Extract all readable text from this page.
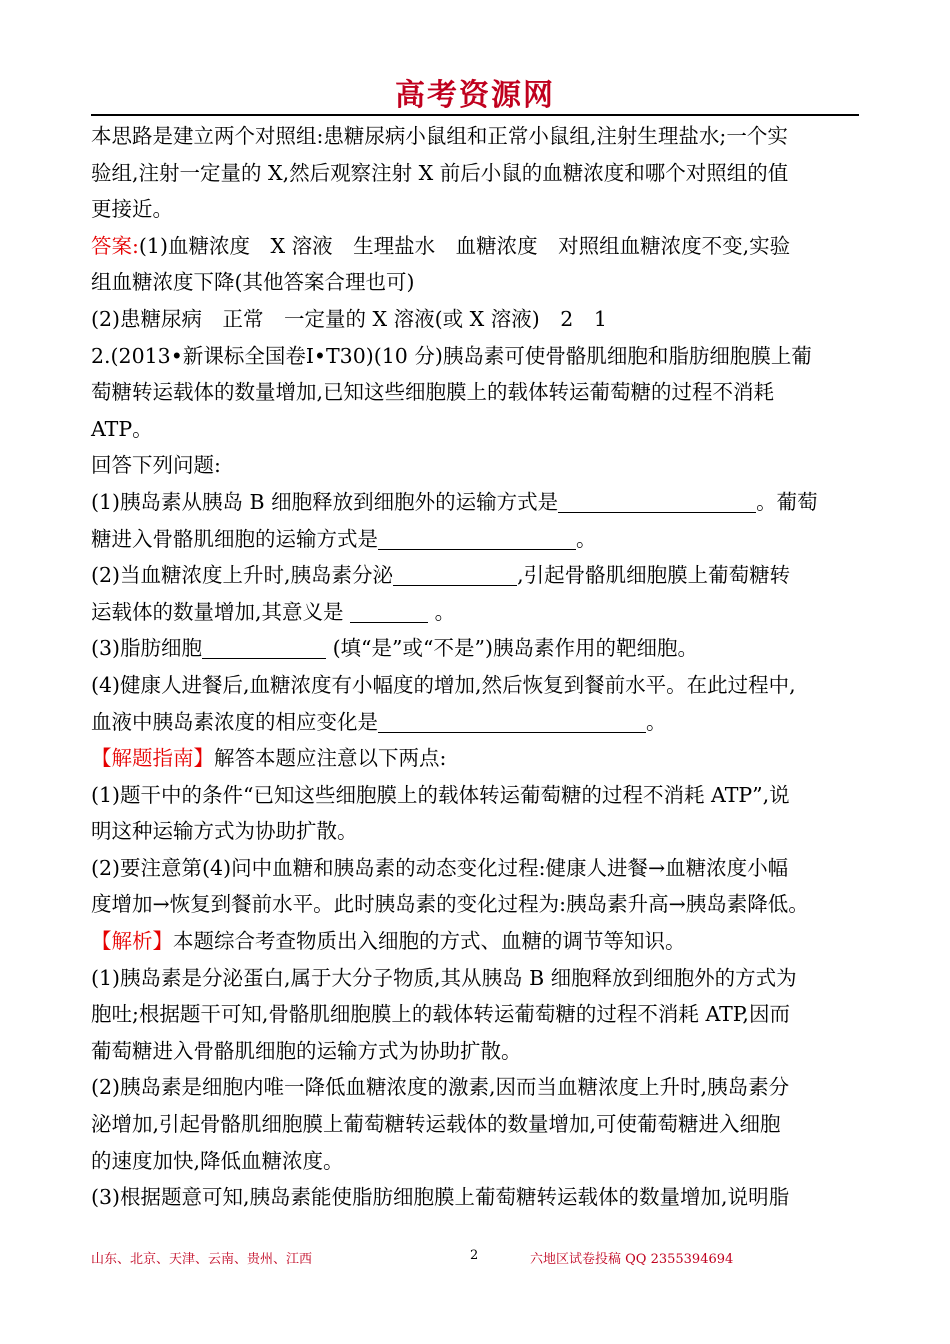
高考资源网
本思路是建立两个对照组:患糖尿病小鼠组和正常小鼠组,注射生理盐水;一个实
验组,注射一定量的 X,然后观察注射 X 前后小鼠的血糖浓度和哪个对照组的值
更接近。
答案:(1)血糖浓度　X 溶液　生理盐水　血糖浓度　对照组血糖浓度不变,实验
组血糖浓度下降(其他答案合理也可)
(2)患糖尿病　正常　一定量的 X 溶液(或 X 溶液)　2　1
2.(2013•新课标全国卷Ⅰ•T30)(10 分)胰岛素可使骨骼肌细胞和脂肪细胞膜上葡
萄糖转运载体的数量增加,已知这些细胞膜上的载体转运葡萄糖的过程不消耗
ATP。
回答下列问题:
(1)胰岛素从胰岛 B 细胞释放到细胞外的运输方式是	。葡萄
糖进入骨骼肌细胞的运输方式是	。
(2)当血糖浓度上升时,胰岛素分泌	,引起骨骼肌细胞膜上葡萄糖转
运载体的数量增加,其意义是	。
(3)脂肪细胞	(填“是”或“不是”)胰岛素作用的靶细胞。
(4)健康人进餐后,血糖浓度有小幅度的增加,然后恢复到餐前水平。在此过程中,
血液中胰岛素浓度的相应变化是	。
【解题指南】解答本题应注意以下两点:
(1)题干中的条件“已知这些细胞膜上的载体转运葡萄糖的过程不消耗 ATP”,说
明这种运输方式为协助扩散。
(2)要注意第(4)问中血糖和胰岛素的动态变化过程:健康人进餐→血糖浓度小幅
度增加→恢复到餐前水平。此时胰岛素的变化过程为:胰岛素升高→胰岛素降低。
【解析】本题综合考查物质出入细胞的方式、血糖的调节等知识。
(1)胰岛素是分泌蛋白,属于大分子物质,其从胰岛 B 细胞释放到细胞外的方式为
胞吐;根据题干可知,骨骼肌细胞膜上的载体转运葡萄糖的过程不消耗 ATP,因而
葡萄糖进入骨骼肌细胞的运输方式为协助扩散。
(2)胰岛素是细胞内唯一降低血糖浓度的激素,因而当血糖浓度上升时,胰岛素分
泌增加,引起骨骼肌细胞膜上葡萄糖转运载体的数量增加,可使葡萄糖进入细胞
的速度加快,降低血糖浓度。
(3)根据题意可知,胰岛素能使脂肪细胞膜上葡萄糖转运载体的数量增加,说明脂
山东、北京、天津、云南、贵州、江西	2	六地区试卷投稿 QQ 2355394694
